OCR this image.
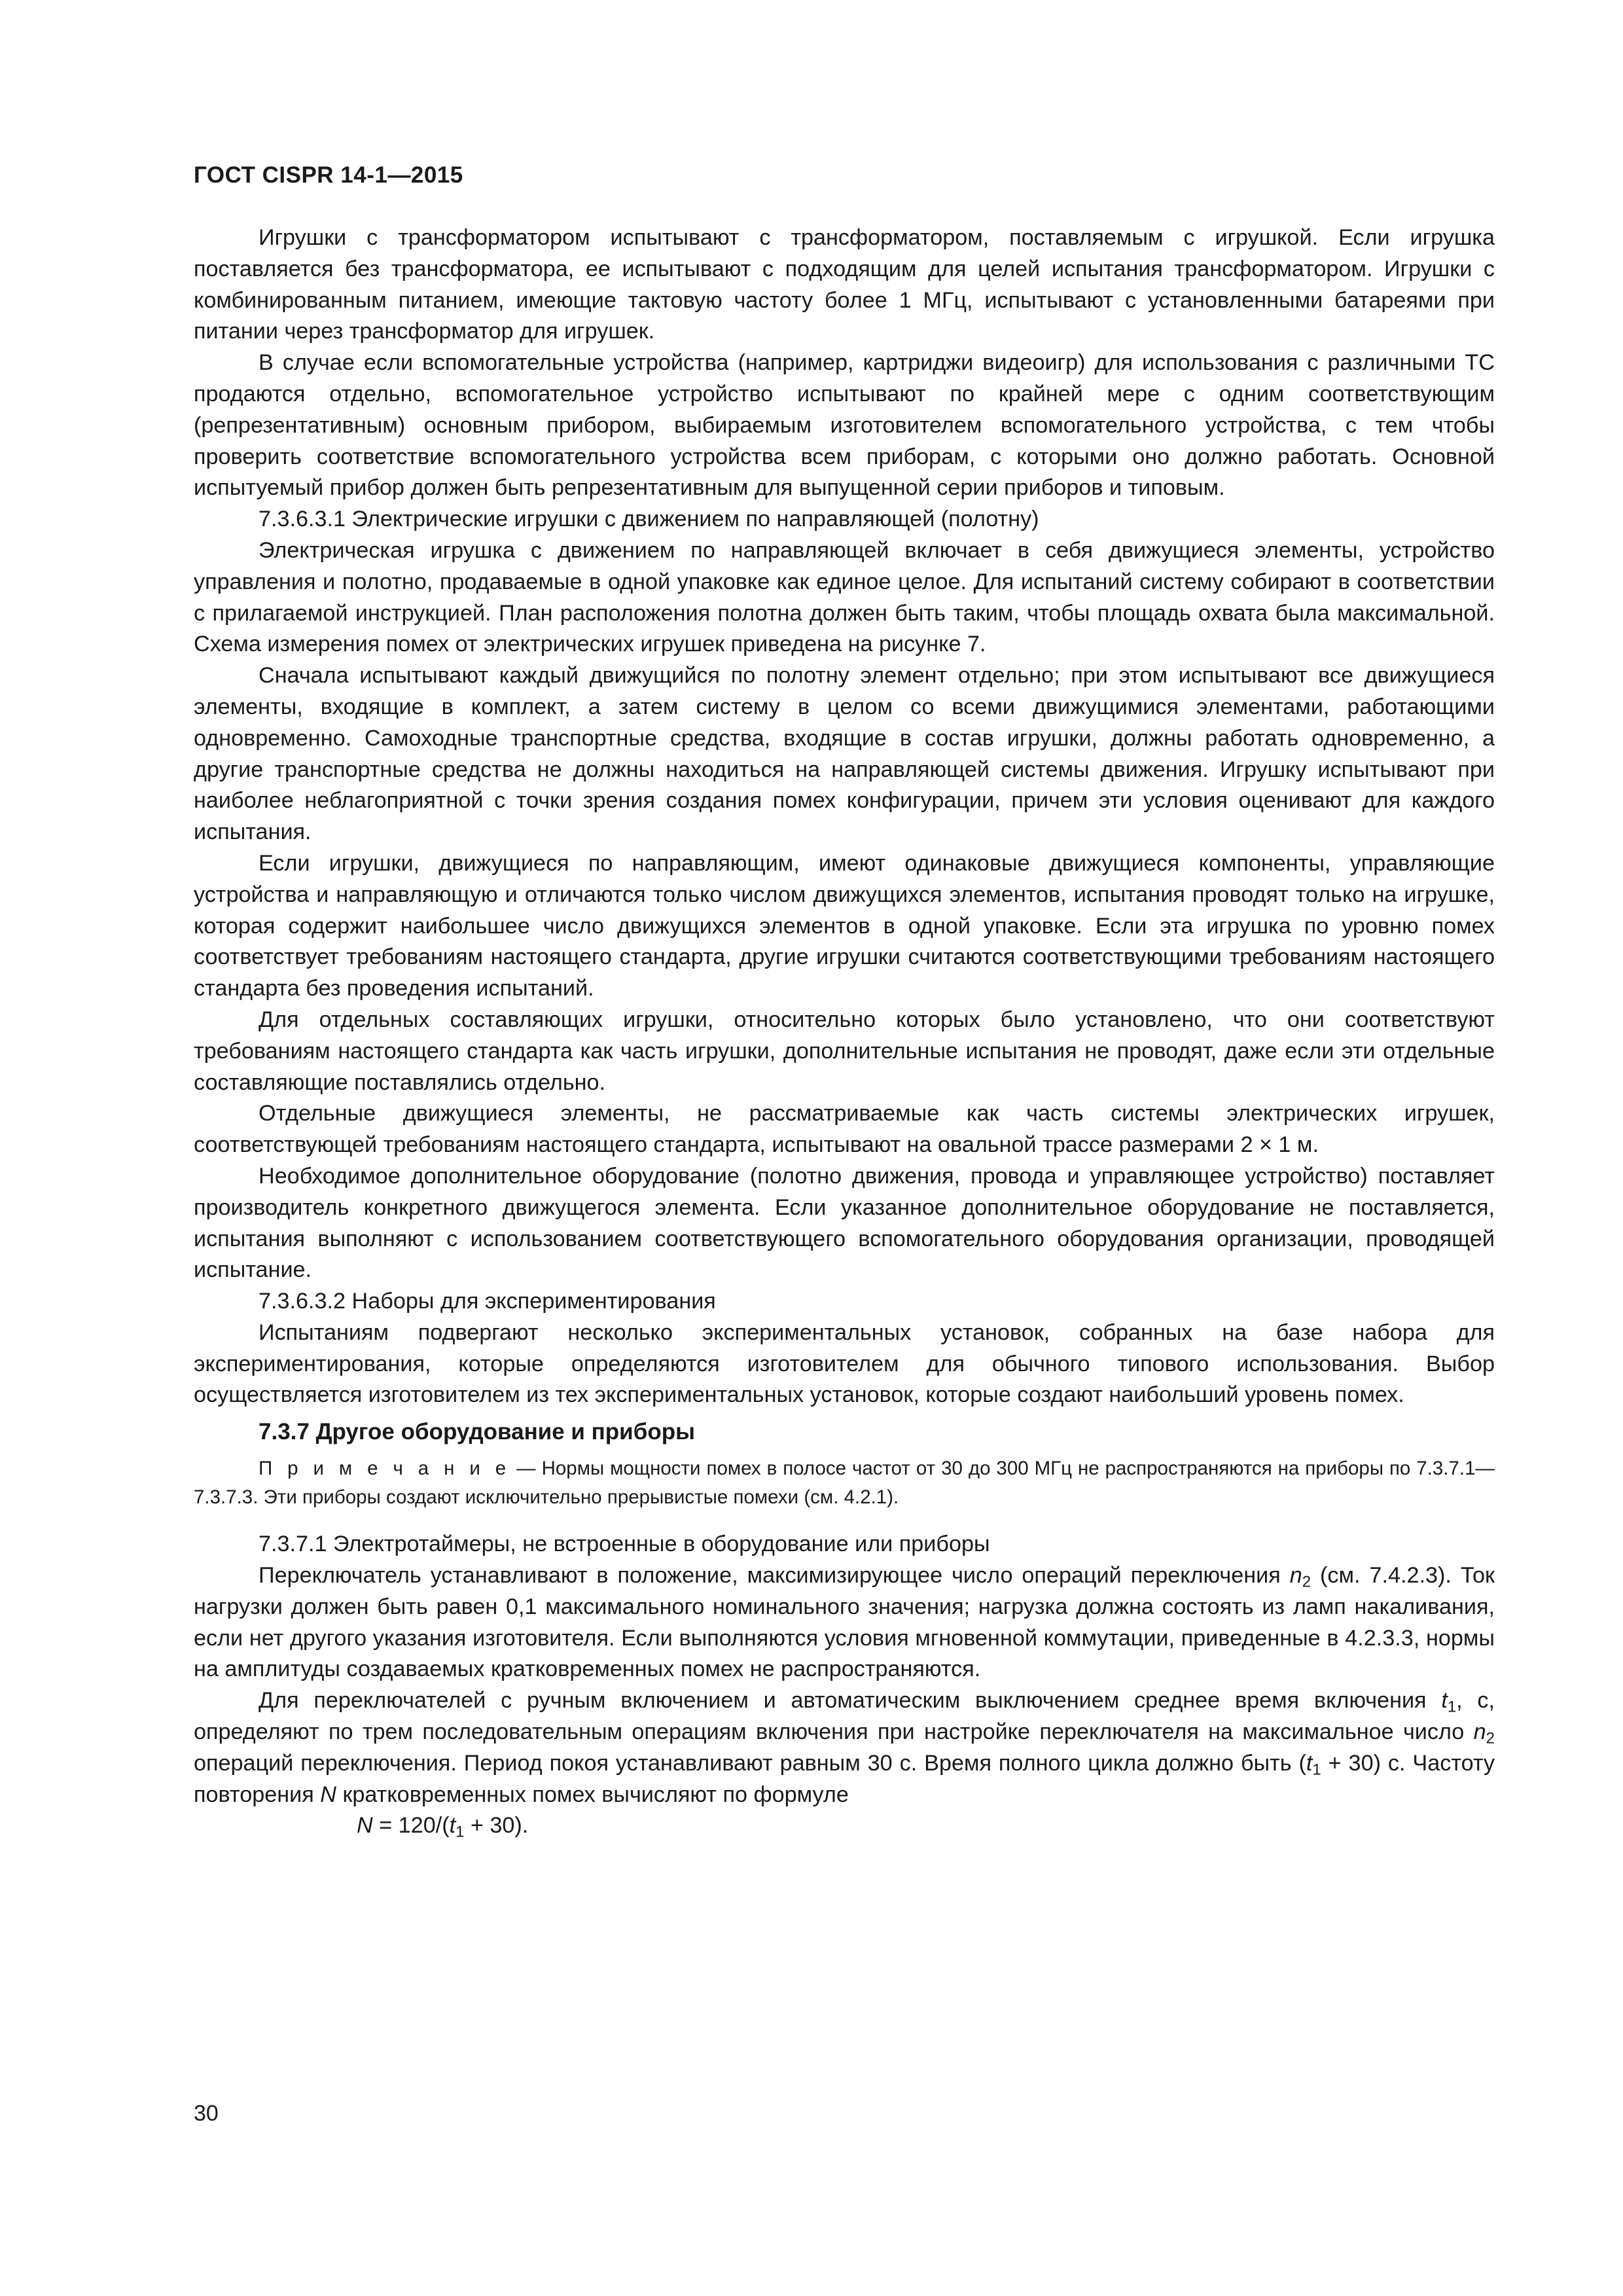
ГОСТ CISPR 14-1—2015

Игрушки с трансформатором испытывают с трансформатором, поставляемым с игрушкой. Если игрушка поставляется без трансформатора, ее испытывают с подходящим для целей испытания трансформатором. Игрушки с комбинированным питанием, имеющие тактовую частоту более 1 МГц, испытывают с установленными батареями при питании через трансформатор для игрушек.

В случае если вспомогательные устройства (например, картриджи видеоигр) для использования с различными ТС продаются отдельно, вспомогательное устройство испытывают по крайней мере с одним соответствующим (репрезентативным) основным прибором, выбираемым изготовителем вспомогательного устройства, с тем чтобы проверить соответствие вспомогательного устройства всем приборам, с которыми оно должно работать. Основной испытуемый прибор должен быть репрезентативным для выпущенной серии приборов и типовым.

7.3.6.3.1 Электрические игрушки с движением по направляющей (полотну)

Электрическая игрушка с движением по направляющей включает в себя движущиеся элементы, устройство управления и полотно, продаваемые в одной упаковке как единое целое. Для испытаний систему собирают в соответствии с прилагаемой инструкцией. План расположения полотна должен быть таким, чтобы площадь охвата была максимальной. Схема измерения помех от электрических игрушек приведена на рисунке 7.

Сначала испытывают каждый движущийся по полотну элемент отдельно; при этом испытывают все движущиеся элементы, входящие в комплект, а затем систему в целом со всеми движущимися элементами, работающими одновременно. Самоходные транспортные средства, входящие в состав игрушки, должны работать одновременно, а другие транспортные средства не должны находиться на направляющей системы движения. Игрушку испытывают при наиболее неблагоприятной с точки зрения создания помех конфигурации, причем эти условия оценивают для каждого испытания.

Если игрушки, движущиеся по направляющим, имеют одинаковые движущиеся компоненты, управляющие устройства и направляющую и отличаются только числом движущихся элементов, испытания проводят только на игрушке, которая содержит наибольшее число движущихся элементов в одной упаковке. Если эта игрушка по уровню помех соответствует требованиям настоящего стандарта, другие игрушки считаются соответствующими требованиям настоящего стандарта без проведения испытаний.

Для отдельных составляющих игрушки, относительно которых было установлено, что они соответствуют требованиям настоящего стандарта как часть игрушки, дополнительные испытания не проводят, даже если эти отдельные составляющие поставлялись отдельно.

Отдельные движущиеся элементы, не рассматриваемые как часть системы электрических игрушек, соответствующей требованиям настоящего стандарта, испытывают на овальной трассе размерами 2 × 1 м.

Необходимое дополнительное оборудование (полотно движения, провода и управляющее устройство) поставляет производитель конкретного движущегося элемента. Если указанное дополнительное оборудование не поставляется, испытания выполняют с использованием соответствующего вспомогательного оборудования организации, проводящей испытание.

7.3.6.3.2 Наборы для экспериментирования

Испытаниям подвергают несколько экспериментальных установок, собранных на базе набора для экспериментирования, которые определяются изготовителем для обычного типового использования. Выбор осуществляется изготовителем из тех экспериментальных установок, которые создают наибольший уровень помех.

7.3.7 Другое оборудование и приборы
П р и м е ч а н и е — Нормы мощности помех в полосе частот от 30 до 300 МГц не распространяются на приборы по 7.3.7.1—7.3.7.3. Эти приборы создают исключительно прерывистые помехи (см. 4.2.1).

7.3.7.1 Электротаймеры, не встроенные в оборудование или приборы

Переключатель устанавливают в положение, максимизирующее число операций переключения $n_2$ (см. 7.4.2.3). Ток нагрузки должен быть равен 0,1 максимального номинального значения; нагрузка должна состоять из ламп накаливания, если нет другого указания изготовителя. Если выполняются условия мгновенной коммутации, приведенные в 4.2.3.3, нормы на амплитуды создаваемых кратковременных помех не распространяются.

Для переключателей с ручным включением и автоматическим выключением среднее время включения $t_1$, с, определяют по трем последовательным операциям включения при настройке переключателя на максимальное число $n_2$ операций переключения. Период покоя устанавливают равным 30 с. Время полного цикла должно быть $(t_1 + 30)$ с. Частоту повторения N кратковременных помех вычисляют по формуле

$N = 120/(t_1 + 30)$.

30
